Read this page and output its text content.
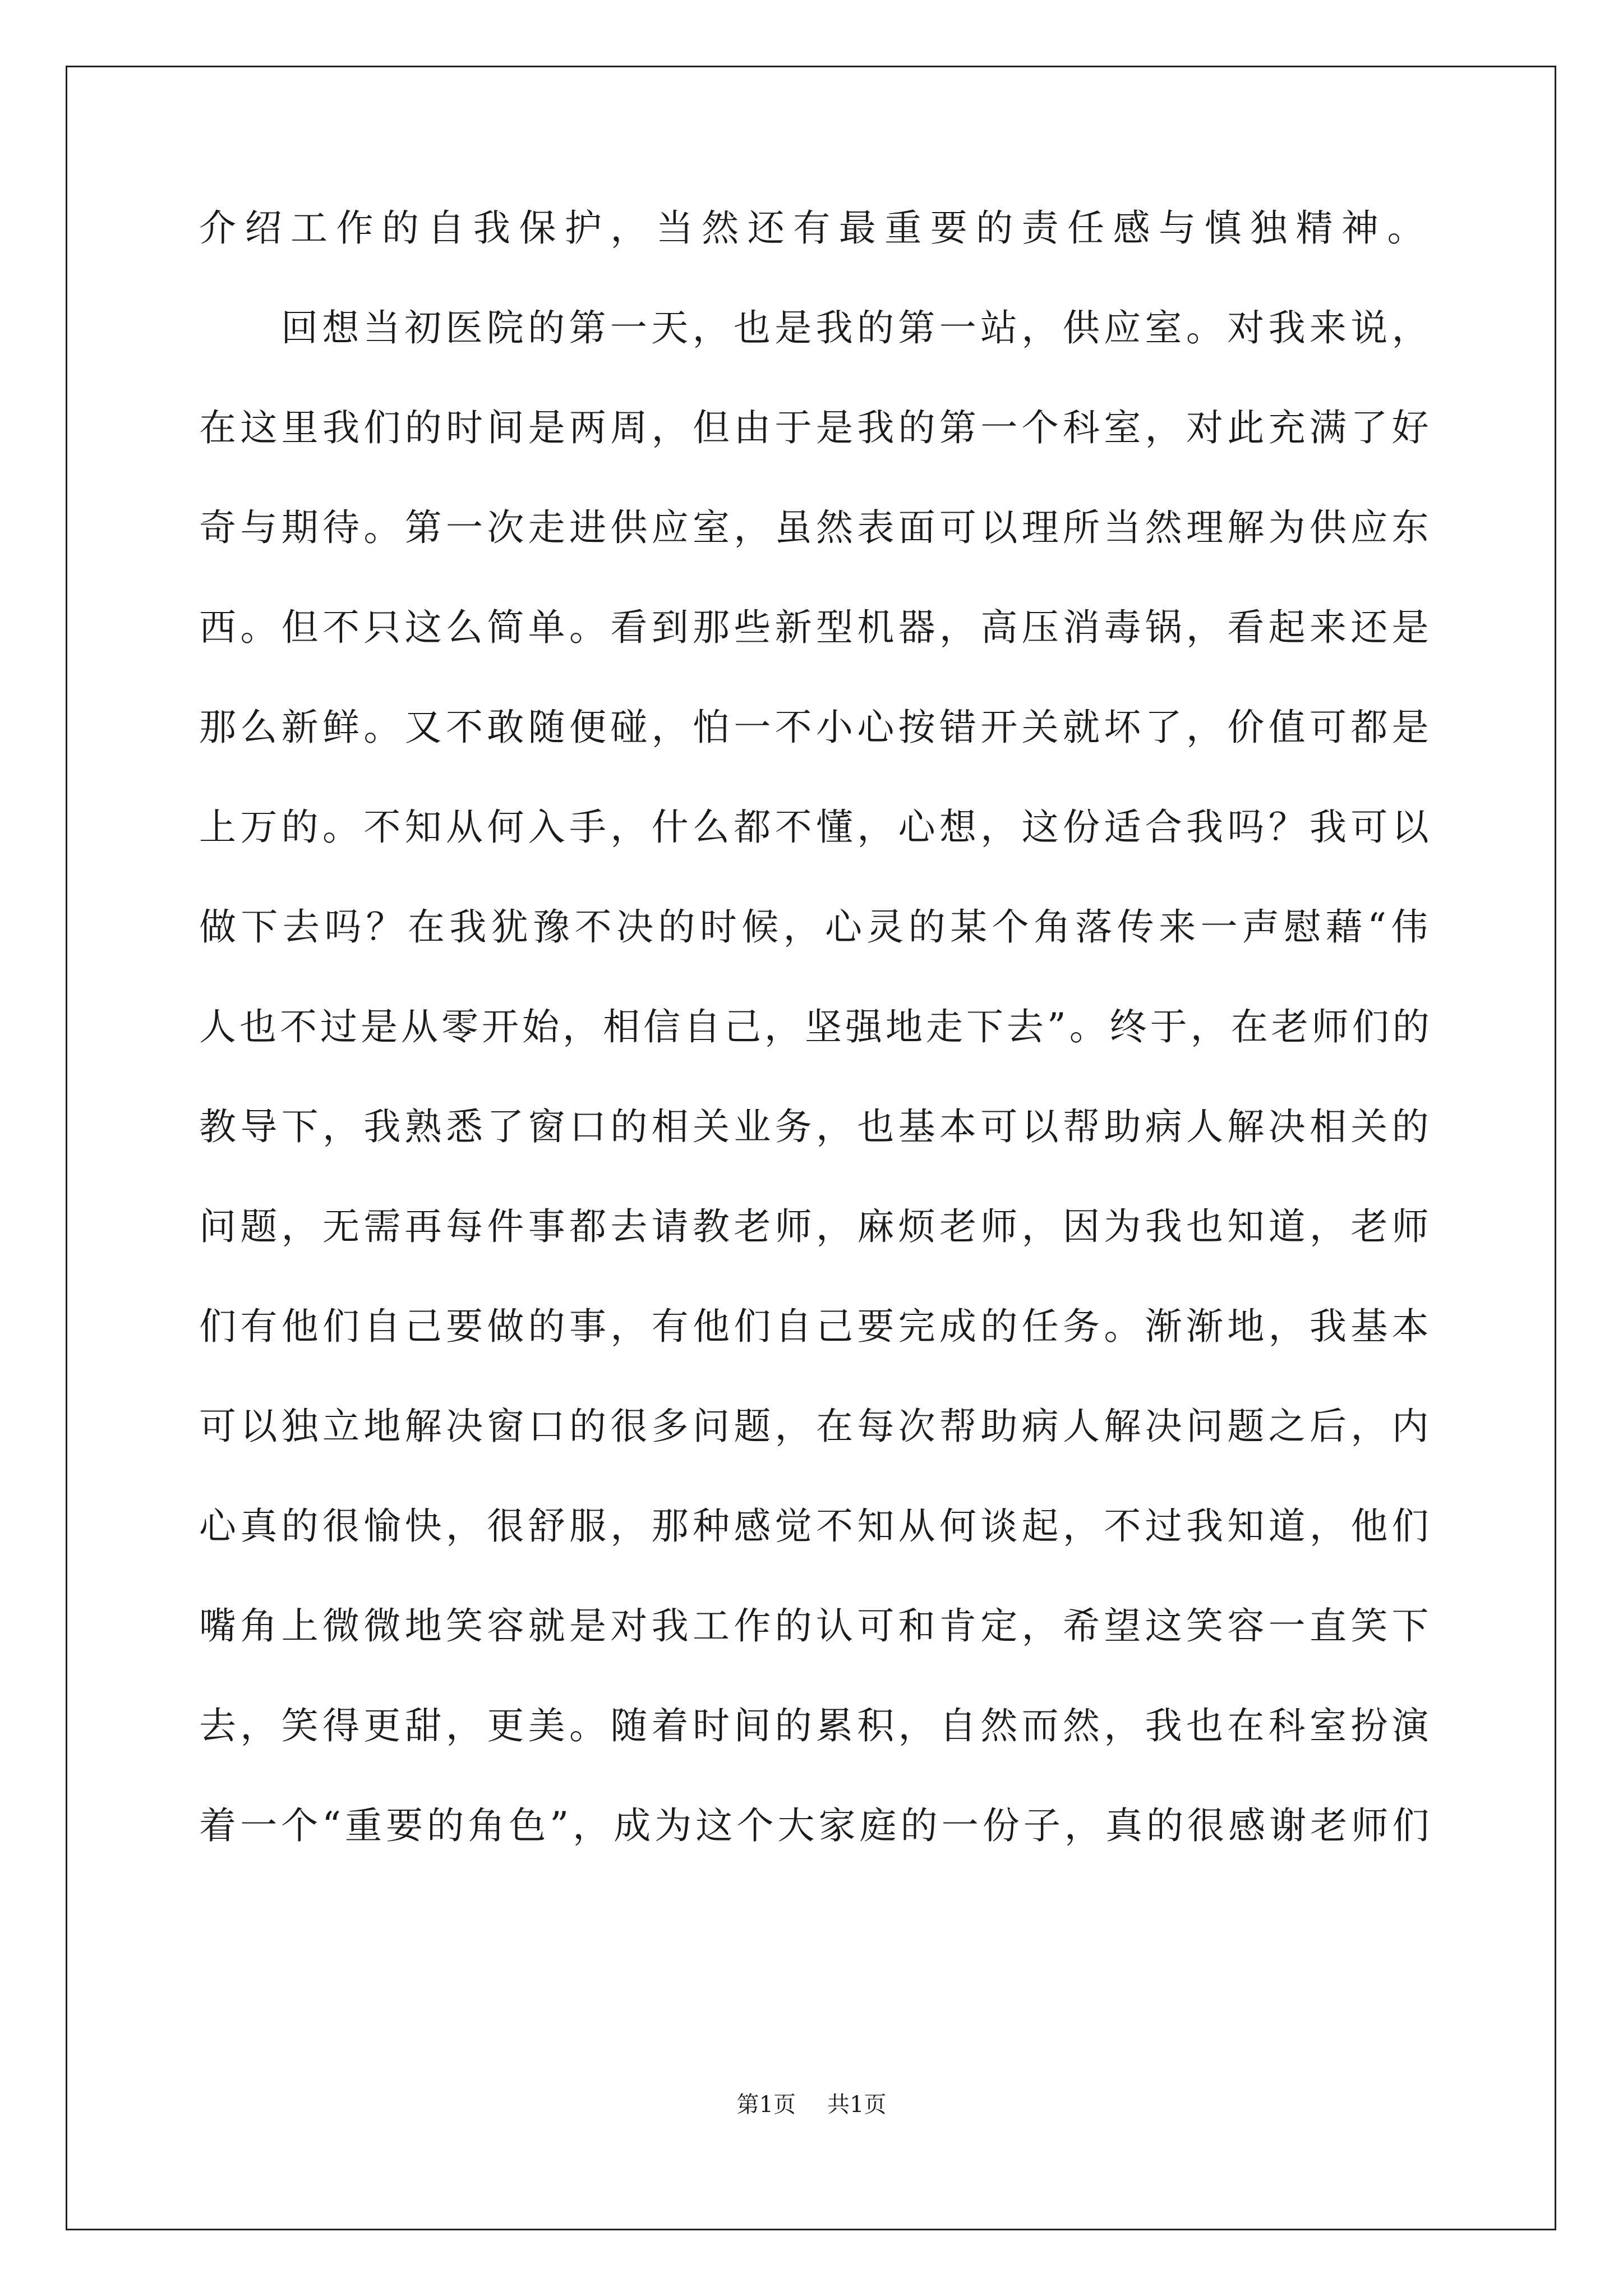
介绍工作的自我保护，当然还有最重要的责任感与慎独精神。
回想当初医院的第一天，也是我的第一站，供应室。对我来说，
在这里我们的时间是两周，但由于是我的第一个科室，对此充满了好
奇与期待。第一次走进供应室，虽然表面可以理所当然理解为供应东
西。但不只这么简单。看到那些新型机器，高压消毒锅，看起来还是
那么新鲜。又不敢随便碰，怕一不小心按错开关就坏了，价值可都是
上万的。不知从何入手，什么都不懂，心想，这份适合我吗？我可以
做下去吗？在我犹豫不决的时候，心灵的某个角落传来一声慰藉“伟
人也不过是从零开始，相信自己，坚强地走下去”。终于，在老师们的
教导下，我熟悉了窗口的相关业务，也基本可以帮助病人解决相关的
问题，无需再每件事都去请教老师，麻烦老师，因为我也知道，老师
们有他们自己要做的事，有他们自己要完成的任务。渐渐地，我基本
可以独立地解决窗口的很多问题，在每次帮助病人解决问题之后，内
心真的很愉快，很舒服，那种感觉不知从何谈起，不过我知道，他们
嘴角上微微地笑容就是对我工作的认可和肯定，希望这笑容一直笑下
去，笑得更甜，更美。随着时间的累积，自然而然，我也在科室扮演
着一个“重要的角色”，成为这个大家庭的一份子，真的很感谢老师们
第1页 共1页
